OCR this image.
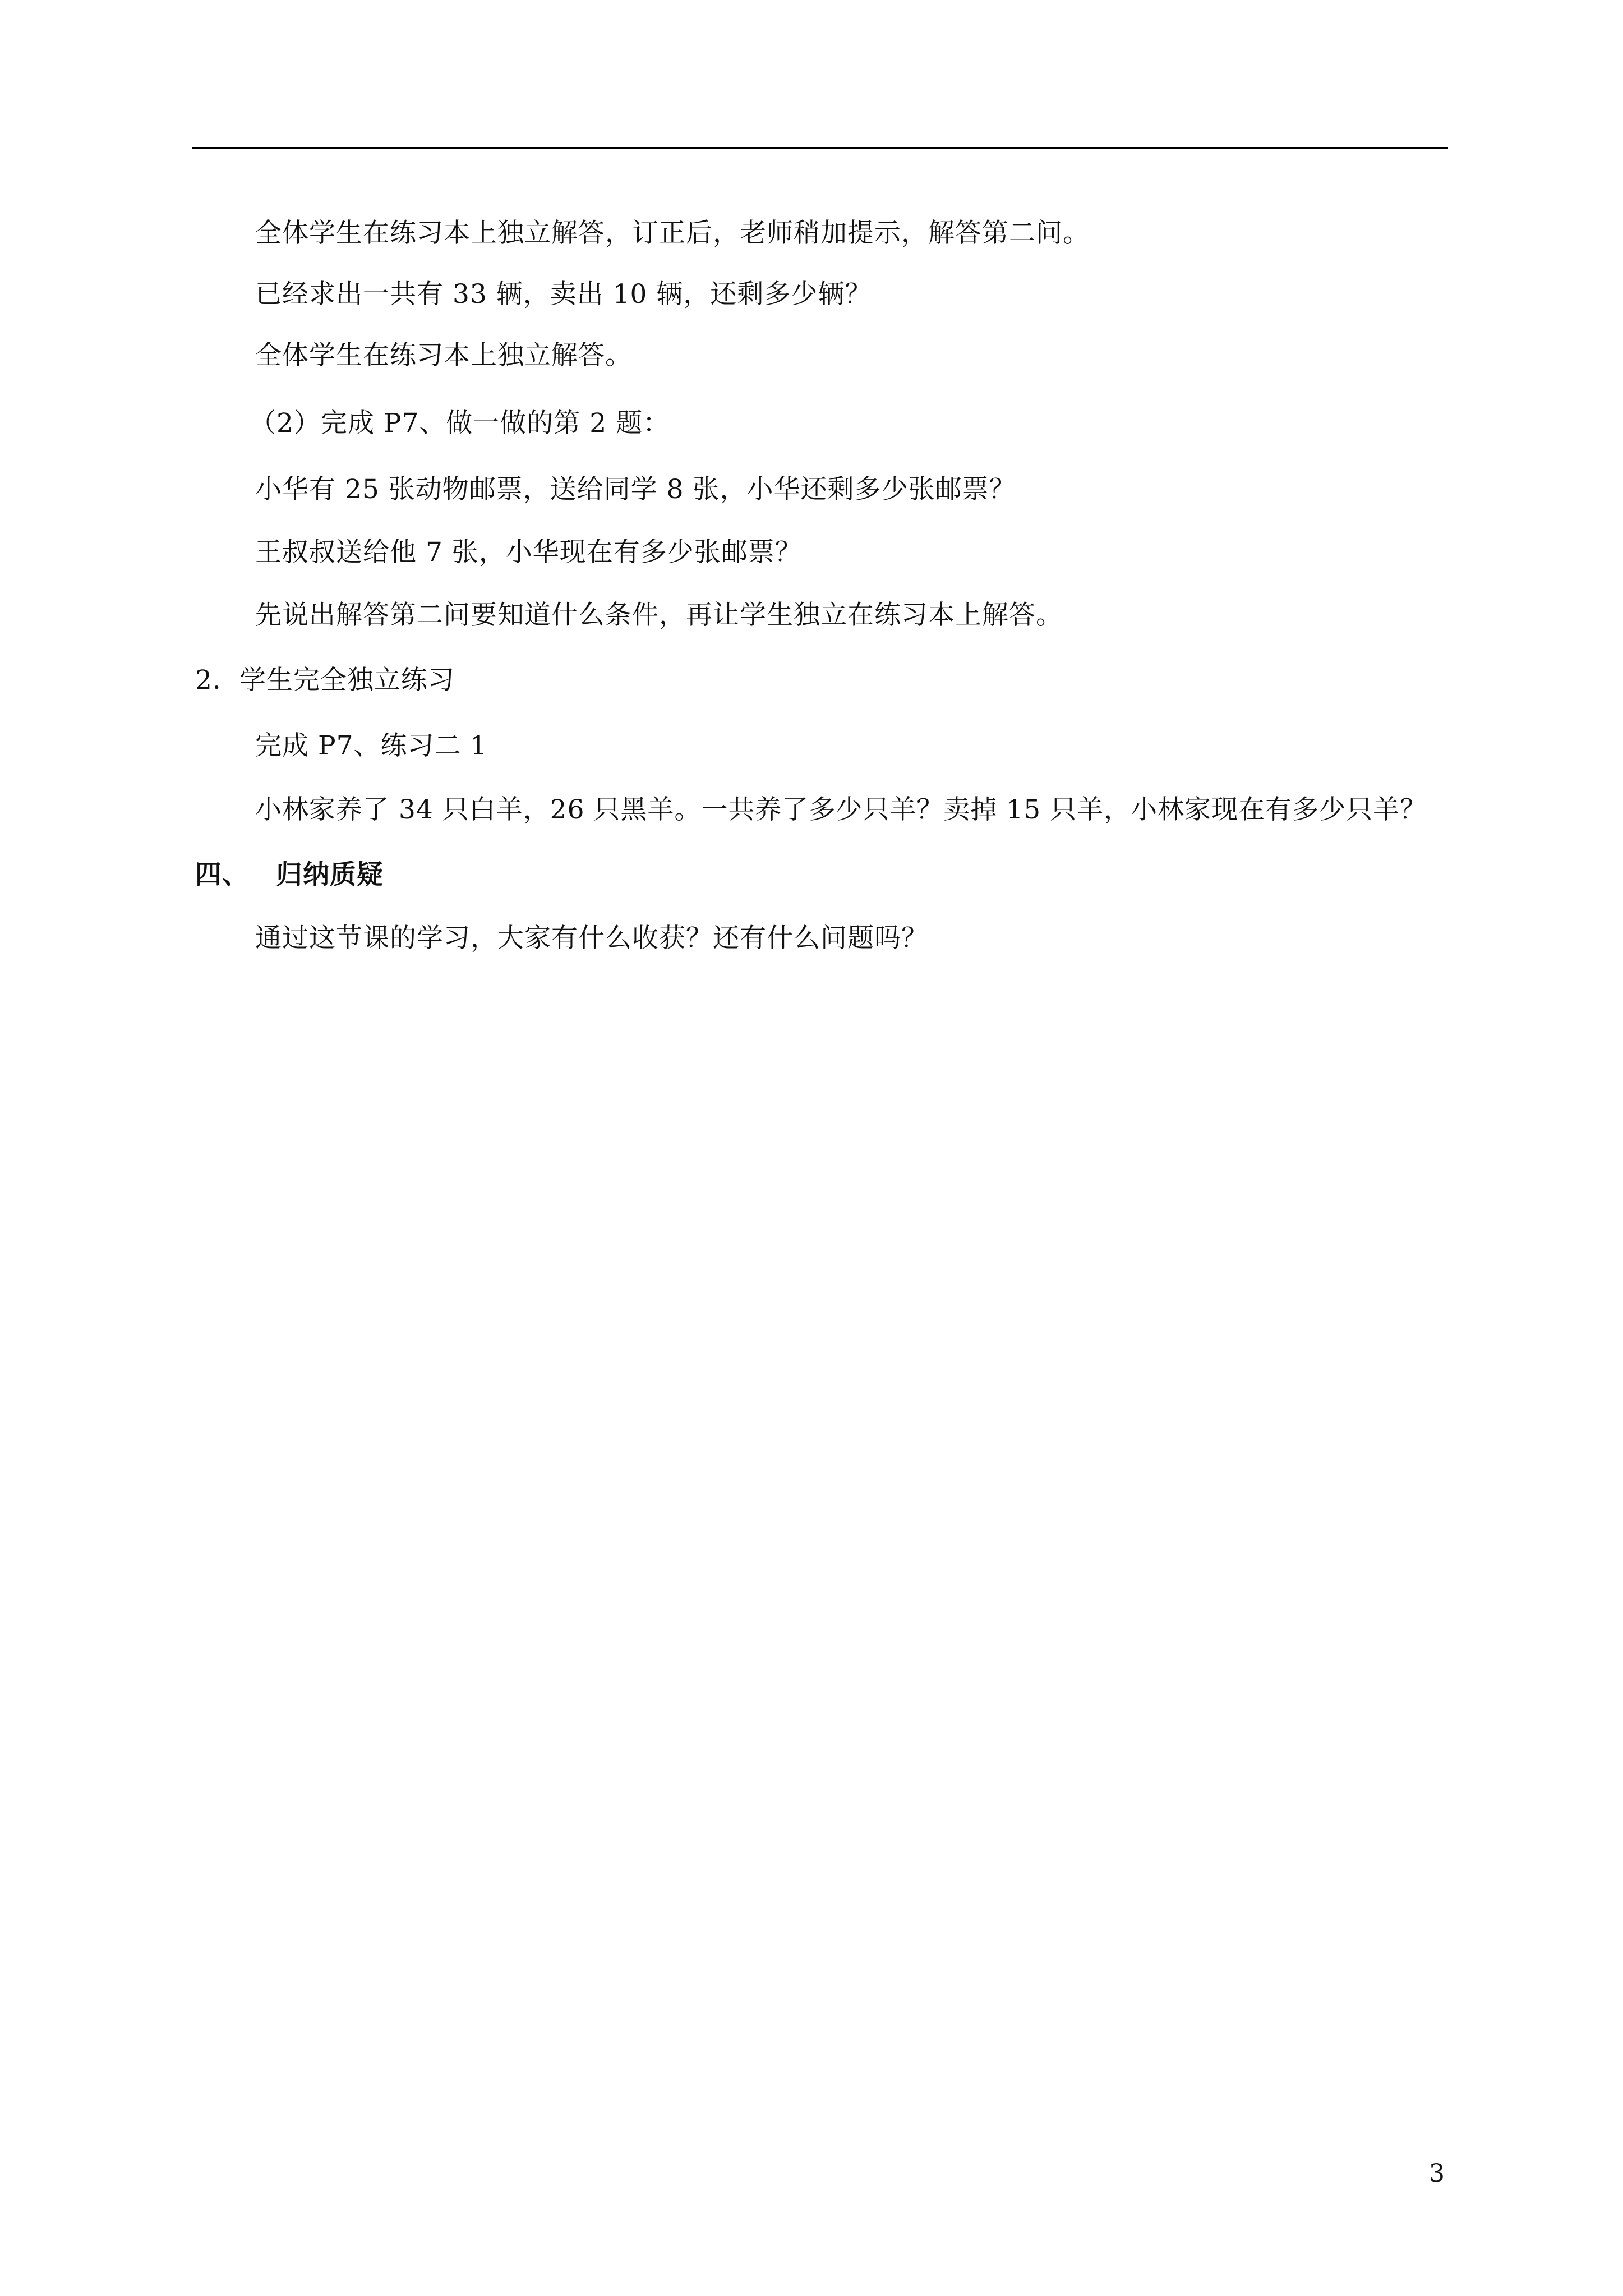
全体学生在练习本上独立解答，订正后，老师稍加提示，解答第二问。
已经求出一共有 33 辆，卖出 10 辆，还剩多少辆？
全体学生在练习本上独立解答。
（2）完成 P7、做一做的第 2 题：
小华有 25 张动物邮票，送给同学 8 张，小华还剩多少张邮票？
王叔叔送给他 7 张，小华现在有多少张邮票？
先说出解答第二问要知道什么条件，再让学生独立在练习本上解答。
2．学生完全独立练习
完成 P7、练习二 1
小林家养了 34 只白羊，26 只黑羊。一共养了多少只羊？卖掉 15 只羊，小林家现在有多少只羊？
四、 归纳质疑
通过这节课的学习，大家有什么收获？还有什么问题吗？
3
